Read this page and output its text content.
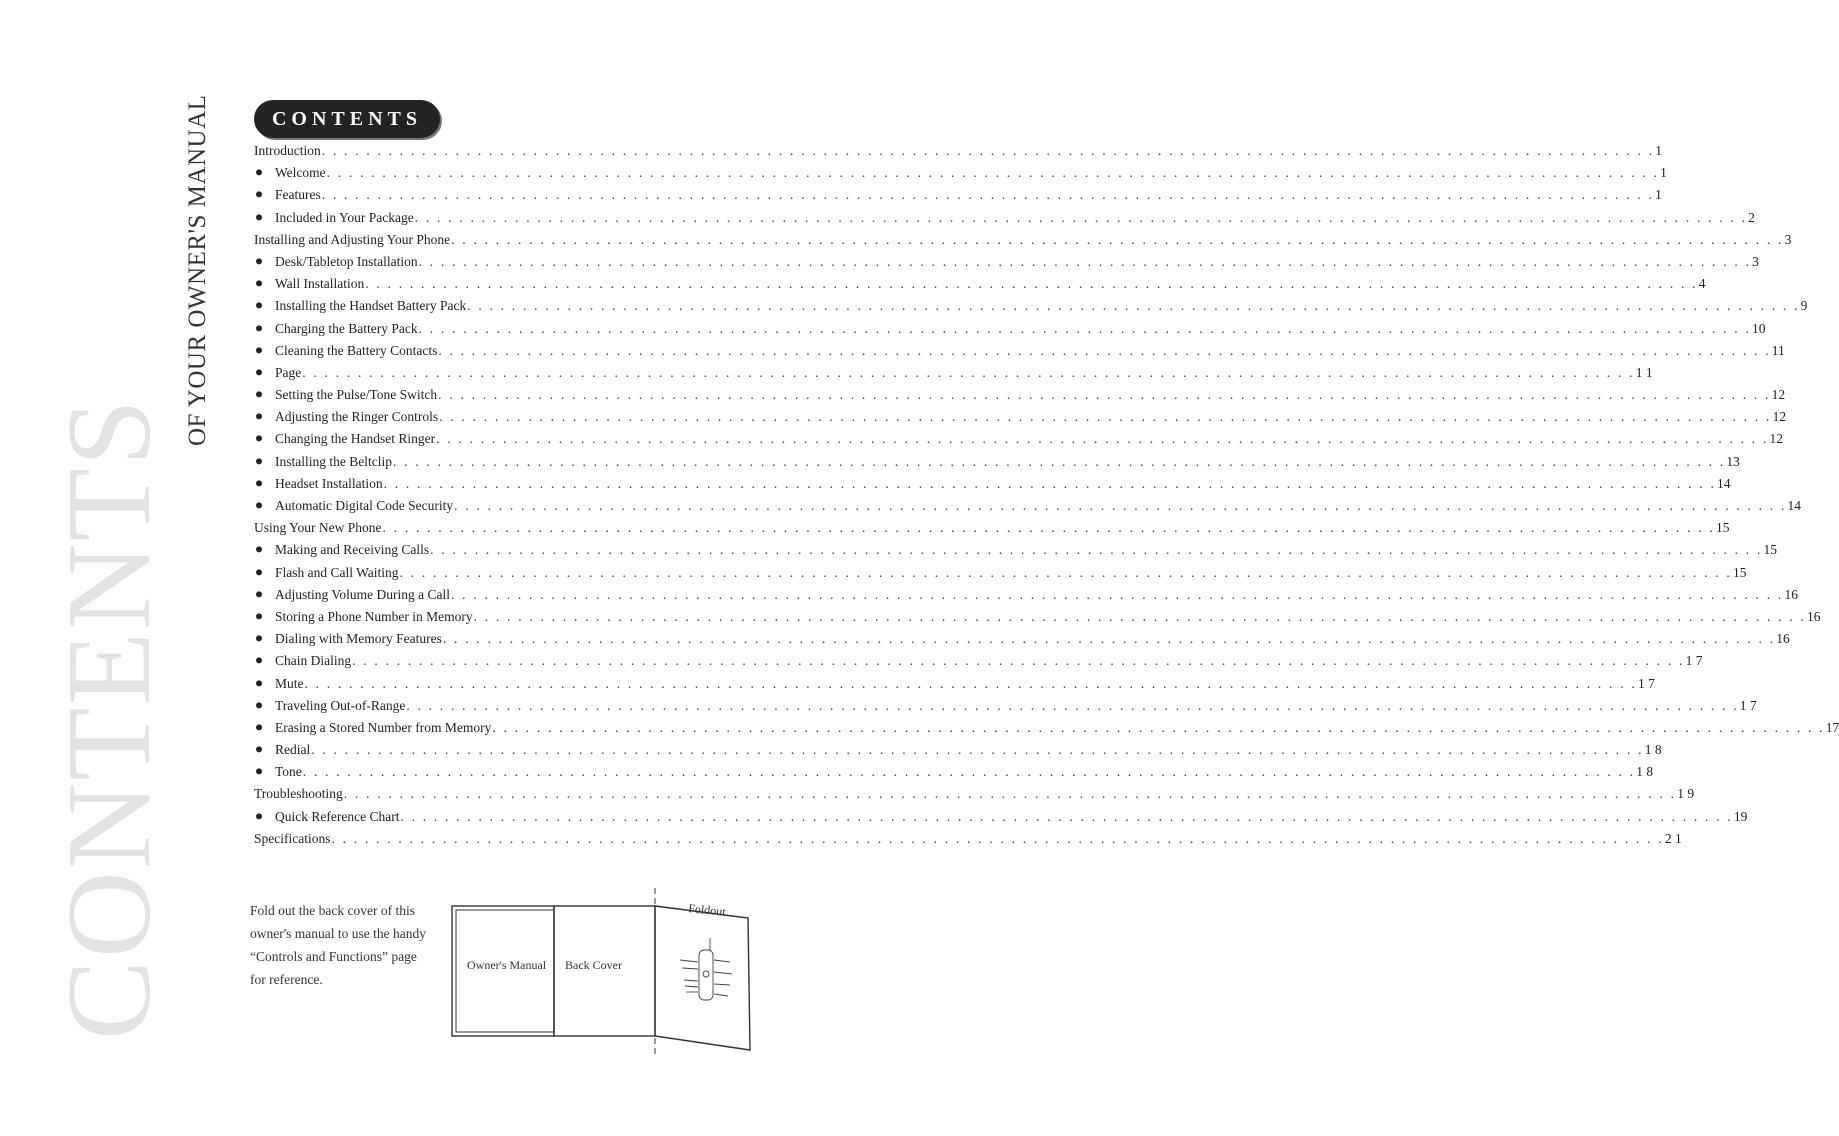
CONTENTS
OF YOUR OWNER'S MANUAL	CONTENTS
Introduction . . . . . . . . . . . . . . . . . . . . . . . . . . . . . . . . . . . . . . . . . . . . . . . . . . . . . . . . . . . . . . . . . . . . . . . . . . . . . . . . . . . . . . . . . . . . . . . . . . . . . . . . . . . . . . . . . . . . . . . . 1
Welcome . . . . . . . . . . . . . . . . . . . . . . . . . . . . . . . . . . . . . . . . . . . . . . . . . . . . . . . . . . . . . . . . . . . . . . . . . . . . . . . . . . . . . . . . . . . . . . . . . . . . . . . . . . . . . . . . . . . . . . . . 1
Features . . . . . . . . . . . . . . . . . . . . . . . . . . . . . . . . . . . . . . . . . . . . . . . . . . . . . . . . . . . . . . . . . . . . . . . . . . . . . . . . . . . . . . . . . . . . . . . . . . . . . . . . . . . . . . . . . . . . . . . . 1
Included in Your Package . . . . . . . . . . . . . . . . . . . . . . . . . . . . . . . . . . . . . . . . . . . . . . . . . . . . . . . . . . . . . . . . . . . . . . . . . . . . . . . . . . . . . . . . . . . . . . . . . . . . . . . . . . . . . . . . . . . . . . . . 2
Installing and Adjusting Your Phone . . . . . . . . . . . . . . . . . . . . . . . . . . . . . . . . . . . . . . . . . . . . . . . . . . . . . . . . . . . . . . . . . . . . . . . . . . . . . . . . . . . . . . . . . . . . . . . . . . . . . . . . . . . . . . . . . . . . . . . . 3
Desk/Tabletop Installation . . . . . . . . . . . . . . . . . . . . . . . . . . . . . . . . . . . . . . . . . . . . . . . . . . . . . . . . . . . . . . . . . . . . . . . . . . . . . . . . . . . . . . . . . . . . . . . . . . . . . . . . . . . . . . . . . . . . . . . . 3
Wall Installation . . . . . . . . . . . . . . . . . . . . . . . . . . . . . . . . . . . . . . . . . . . . . . . . . . . . . . . . . . . . . . . . . . . . . . . . . . . . . . . . . . . . . . . . . . . . . . . . . . . . . . . . . . . . . . . . . . . . . . . . 4
Installing the Handset Battery Pack . . . . . . . . . . . . . . . . . . . . . . . . . . . . . . . . . . . . . . . . . . . . . . . . . . . . . . . . . . . . . . . . . . . . . . . . . . . . . . . . . . . . . . . . . . . . . . . . . . . . . . . . . . . . . . . . . . . . . . . . 9
Charging the Battery Pack . . . . . . . . . . . . . . . . . . . . . . . . . . . . . . . . . . . . . . . . . . . . . . . . . . . . . . . . . . . . . . . . . . . . . . . . . . . . . . . . . . . . . . . . . . . . . . . . . . . . . . . . . . . . . . . . . . . . . . . . 10
Cleaning the Battery Contacts . . . . . . . . . . . . . . . . . . . . . . . . . . . . . . . . . . . . . . . . . . . . . . . . . . . . . . . . . . . . . . . . . . . . . . . . . . . . . . . . . . . . . . . . . . . . . . . . . . . . . . . . . . . . . . . . . . . . . . . . 11
Page . . . . . . . . . . . . . . . . . . . . . . . . . . . . . . . . . . . . . . . . . . . . . . . . . . . . . . . . . . . . . . . . . . . . . . . . . . . . . . . . . . . . . . . . . . . . . . . . . . . . . . . . . . . . . . . . . . . . . . . . 1 1
Setting the Pulse/Tone Switch . . . . . . . . . . . . . . . . . . . . . . . . . . . . . . . . . . . . . . . . . . . . . . . . . . . . . . . . . . . . . . . . . . . . . . . . . . . . . . . . . . . . . . . . . . . . . . . . . . . . . . . . . . . . . . . . . . . . . . . . 12
Adjusting the Ringer Controls . . . . . . . . . . . . . . . . . . . . . . . . . . . . . . . . . . . . . . . . . . . . . . . . . . . . . . . . . . . . . . . . . . . . . . . . . . . . . . . . . . . . . . . . . . . . . . . . . . . . . . . . . . . . . . . . . . . . . . . . 12
Changing the Handset Ringer . . . . . . . . . . . . . . . . . . . . . . . . . . . . . . . . . . . . . . . . . . . . . . . . . . . . . . . . . . . . . . . . . . . . . . . . . . . . . . . . . . . . . . . . . . . . . . . . . . . . . . . . . . . . . . . . . . . . . . . . 12
Installing the Beltclip . . . . . . . . . . . . . . . . . . . . . . . . . . . . . . . . . . . . . . . . . . . . . . . . . . . . . . . . . . . . . . . . . . . . . . . . . . . . . . . . . . . . . . . . . . . . . . . . . . . . . . . . . . . . . . . . . . . . . . . . 13
Headset Installation . . . . . . . . . . . . . . . . . . . . . . . . . . . . . . . . . . . . . . . . . . . . . . . . . . . . . . . . . . . . . . . . . . . . . . . . . . . . . . . . . . . . . . . . . . . . . . . . . . . . . . . . . . . . . . . . . . . . . . . . 14
Automatic Digital Code Security . . . . . . . . . . . . . . . . . . . . . . . . . . . . . . . . . . . . . . . . . . . . . . . . . . . . . . . . . . . . . . . . . . . . . . . . . . . . . . . . . . . . . . . . . . . . . . . . . . . . . . . . . . . . . . . . . . . . . . . . 14
Using Your New Phone . . . . . . . . . . . . . . . . . . . . . . . . . . . . . . . . . . . . . . . . . . . . . . . . . . . . . . . . . . . . . . . . . . . . . . . . . . . . . . . . . . . . . . . . . . . . . . . . . . . . . . . . . . . . . . . . . . . . . . . . 15
Making and Receiving Calls . . . . . . . . . . . . . . . . . . . . . . . . . . . . . . . . . . . . . . . . . . . . . . . . . . . . . . . . . . . . . . . . . . . . . . . . . . . . . . . . . . . . . . . . . . . . . . . . . . . . . . . . . . . . . . . . . . . . . . . . 15
Flash and Call Waiting . . . . . . . . . . . . . . . . . . . . . . . . . . . . . . . . . . . . . . . . . . . . . . . . . . . . . . . . . . . . . . . . . . . . . . . . . . . . . . . . . . . . . . . . . . . . . . . . . . . . . . . . . . . . . . . . . . . . . . . . 15
Adjusting Volume During a Call . . . . . . . . . . . . . . . . . . . . . . . . . . . . . . . . . . . . . . . . . . . . . . . . . . . . . . . . . . . . . . . . . . . . . . . . . . . . . . . . . . . . . . . . . . . . . . . . . . . . . . . . . . . . . . . . . . . . . . . . 16
Storing a Phone Number in Memory . . . . . . . . . . . . . . . . . . . . . . . . . . . . . . . . . . . . . . . . . . . . . . . . . . . . . . . . . . . . . . . . . . . . . . . . . . . . . . . . . . . . . . . . . . . . . . . . . . . . . . . . . . . . . . . . . . . . . . . . 16
Dialing with Memory Features . . . . . . . . . . . . . . . . . . . . . . . . . . . . . . . . . . . . . . . . . . . . . . . . . . . . . . . . . . . . . . . . . . . . . . . . . . . . . . . . . . . . . . . . . . . . . . . . . . . . . . . . . . . . . . . . . . . . . . . . 16
Chain Dialing . . . . . . . . . . . . . . . . . . . . . . . . . . . . . . . . . . . . . . . . . . . . . . . . . . . . . . . . . . . . . . . . . . . . . . . . . . . . . . . . . . . . . . . . . . . . . . . . . . . . . . . . . . . . . . . . . . . . . . . . 1 7
Mute . . . . . . . . . . . . . . . . . . . . . . . . . . . . . . . . . . . . . . . . . . . . . . . . . . . . . . . . . . . . . . . . . . . . . . . . . . . . . . . . . . . . . . . . . . . . . . . . . . . . . . . . . . . . . . . . . . . . . . . . 1 7
Traveling Out-of-Range . . . . . . . . . . . . . . . . . . . . . . . . . . . . . . . . . . . . . . . . . . . . . . . . . . . . . . . . . . . . . . . . . . . . . . . . . . . . . . . . . . . . . . . . . . . . . . . . . . . . . . . . . . . . . . . . . . . . . . . . 1 7
Erasing a Stored Number from Memory . . . . . . . . . . . . . . . . . . . . . . . . . . . . . . . . . . . . . . . . . . . . . . . . . . . . . . . . . . . . . . . . . . . . . . . . . . . . . . . . . . . . . . . . . . . . . . . . . . . . . . . . . . . . . . . . . . . . . . . . 17
Redial . . . . . . . . . . . . . . . . . . . . . . . . . . . . . . . . . . . . . . . . . . . . . . . . . . . . . . . . . . . . . . . . . . . . . . . . . . . . . . . . . . . . . . . . . . . . . . . . . . . . . . . . . . . . . . . . . . . . . . . . 1 8
Tone . . . . . . . . . . . . . . . . . . . . . . . . . . . . . . . . . . . . . . . . . . . . . . . . . . . . . . . . . . . . . . . . . . . . . . . . . . . . . . . . . . . . . . . . . . . . . . . . . . . . . . . . . . . . . . . . . . . . . . . . 1 8
Troubleshooting . . . . . . . . . . . . . . . . . . . . . . . . . . . . . . . . . . . . . . . . . . . . . . . . . . . . . . . . . . . . . . . . . . . . . . . . . . . . . . . . . . . . . . . . . . . . . . . . . . . . . . . . . . . . . . . . . . . . . . . . 1 9
Quick Reference Chart . . . . . . . . . . . . . . . . . . . . . . . . . . . . . . . . . . . . . . . . . . . . . . . . . . . . . . . . . . . . . . . . . . . . . . . . . . . . . . . . . . . . . . . . . . . . . . . . . . . . . . . . . . . . . . . . . . . . . . . . 19
Specifications . . . . . . . . . . . . . . . . . . . . . . . . . . . . . . . . . . . . . . . . . . . . . . . . . . . . . . . . . . . . . . . . . . . . . . . . . . . . . . . . . . . . . . . . . . . . . . . . . . . . . . . . . . . . . . . . . . . . . . . . 2 1
Fold out the back cover of this
owner's manual to use the handy
“Controls and Functions” page
for reference.
Owner's Manual Back Cover
Foldout
